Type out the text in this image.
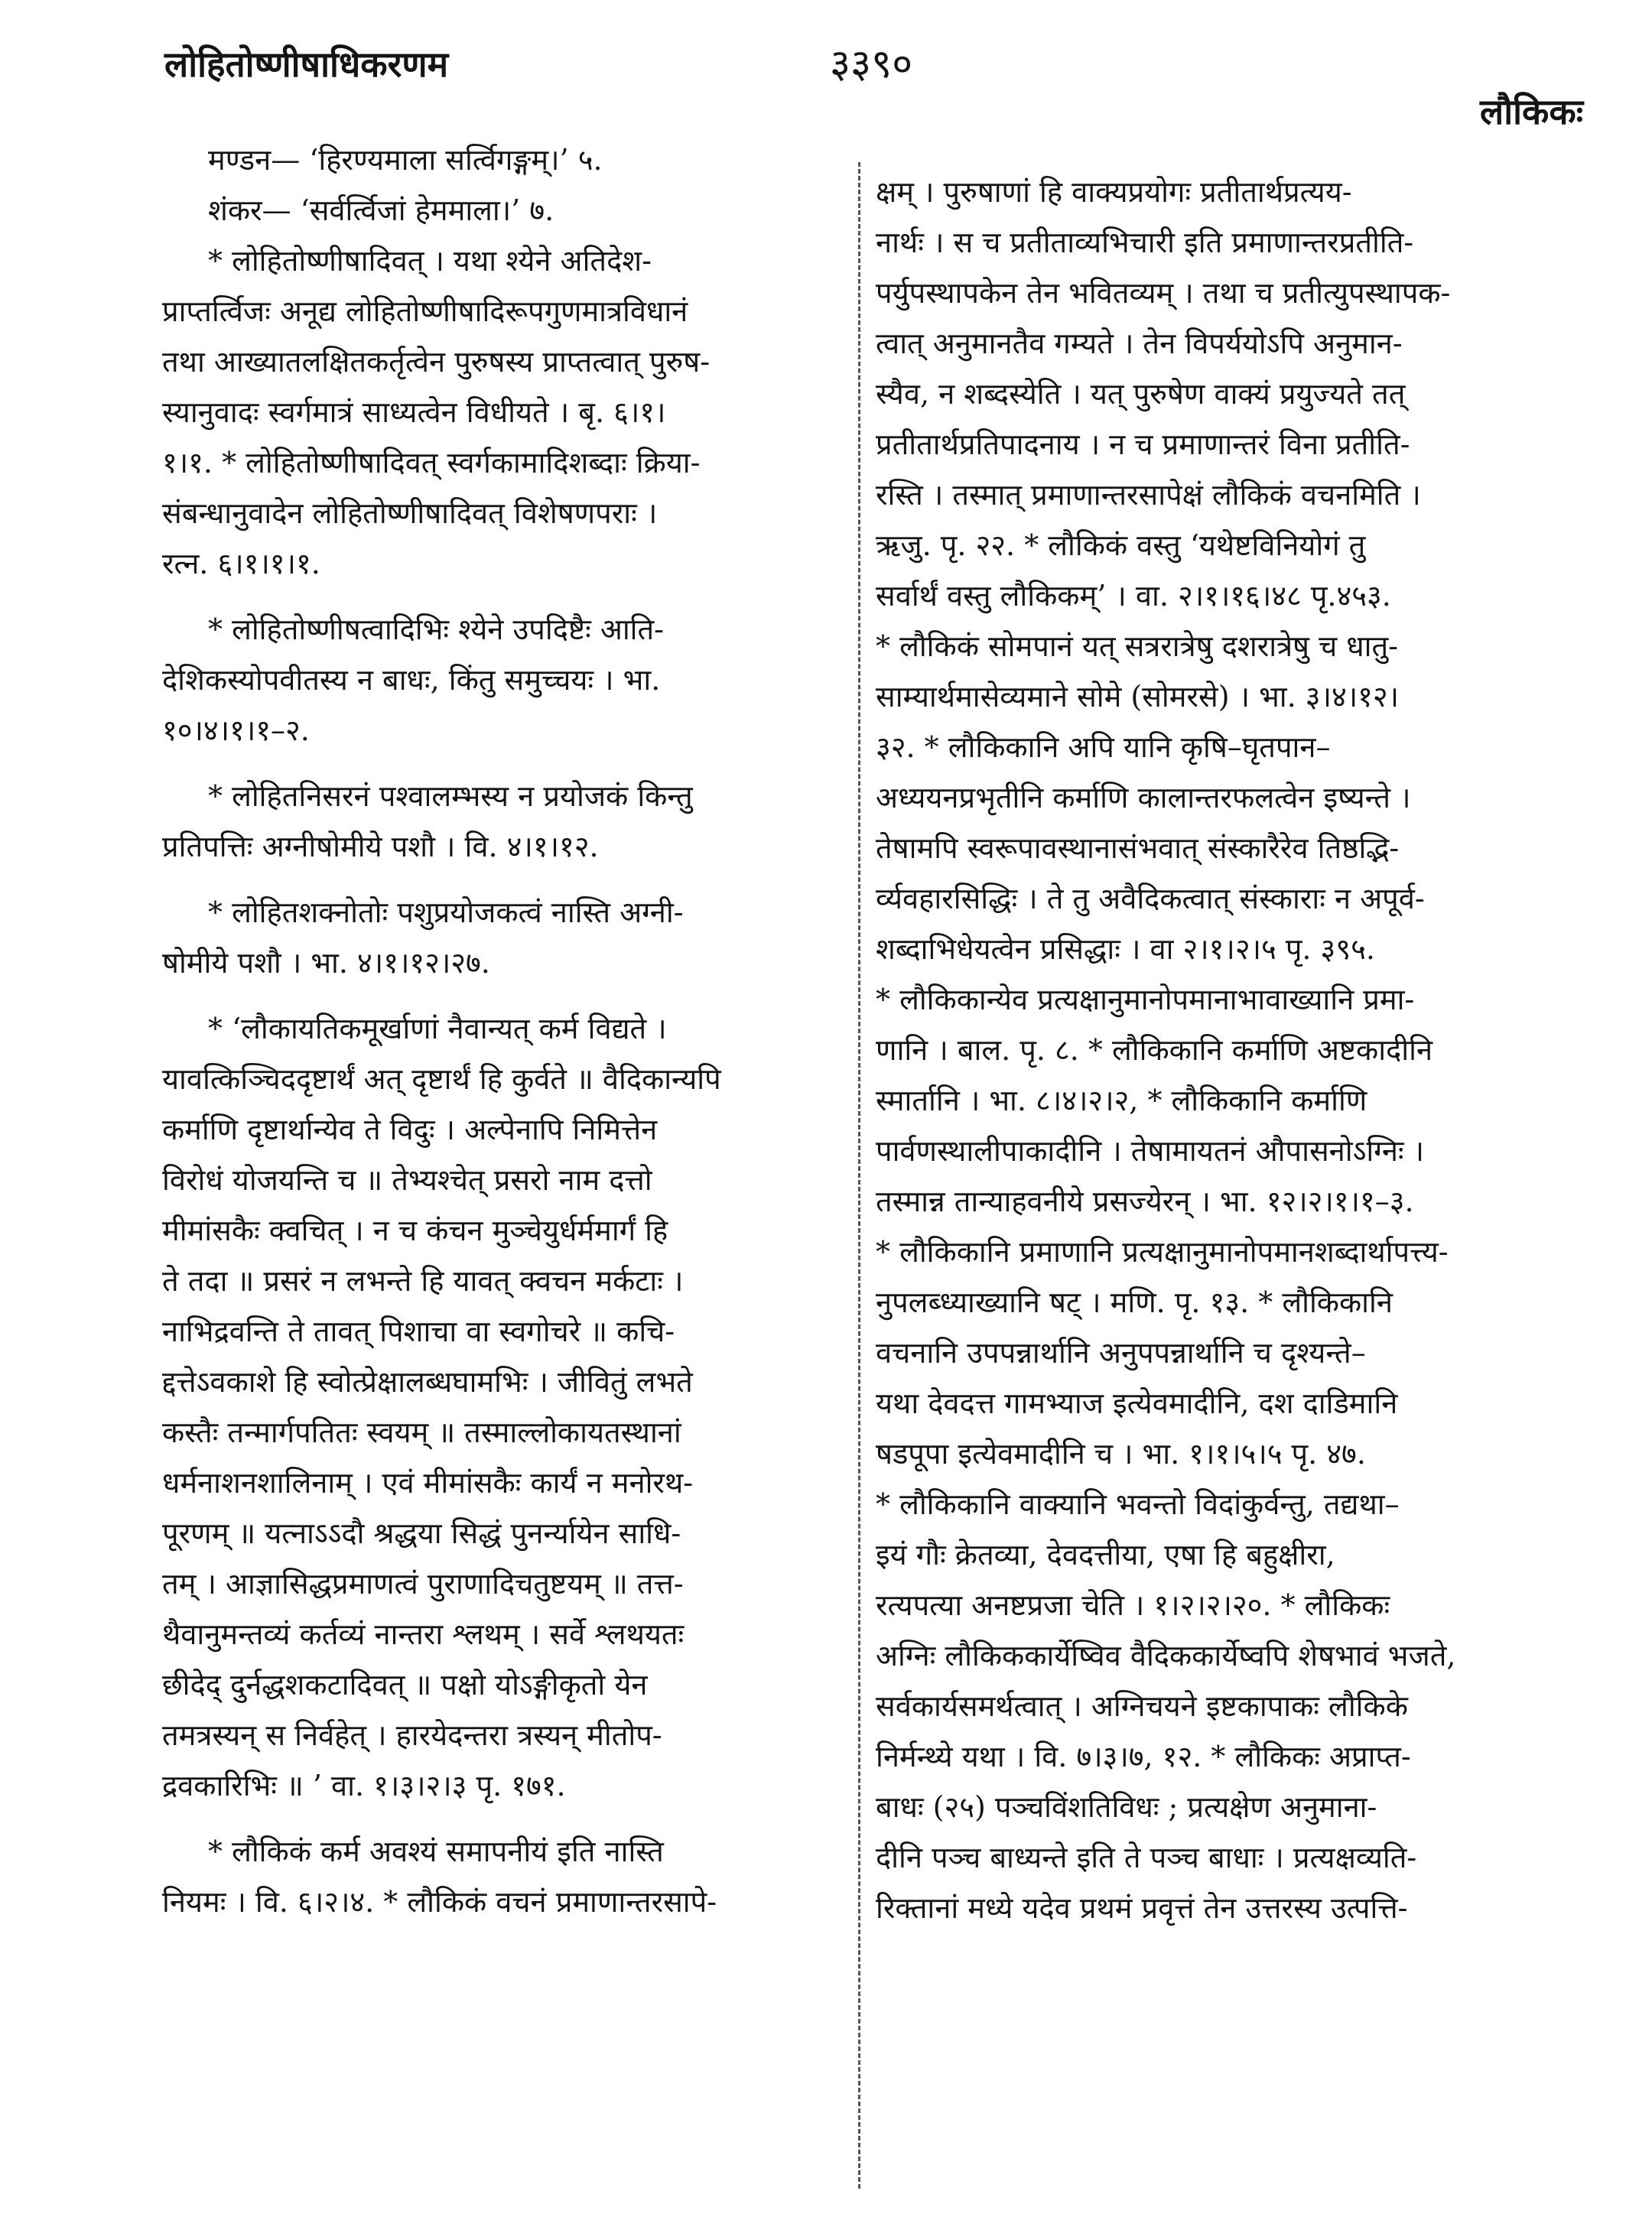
लोहितोष्णीषाधिकरणम	३३९०
लौकिकः
मण्डन— ‘हिरण्यमाला सर्त्विगङ्गम्।’ ५.
शंकर— ‘सर्वर्त्विजां हेममाला।’ ७.
* लोहितोष्णीषादिवत् । यथा श्येने अतिदेश-
प्राप्तर्त्विजः अनूद्य लोहितोष्णीषादिरूपगुणमात्रविधानं
तथा आख्यातलक्षितकर्तृत्वेन पुरुषस्य प्राप्तत्वात् पुरुष-
स्यानुवादः स्वर्गमात्रं साध्यत्वेन विधीयते । बृ. ६।१।
१।१. * लोहितोष्णीषादिवत् स्वर्गकामादिशब्दाः क्रिया-
संबन्धानुवादेन लोहितोष्णीषादिवत् विशेषणपराः ।
रत्न. ६।१।१।१.
* लोहितोष्णीषत्वादिभिः श्येने उपदिष्टैः आति-
देशिकस्योपवीतस्य न बाधः, किंतु समुच्चयः । भा.
१०।४।१।१–२.
* लोहितनिसरनं पश्वालम्भस्य न प्रयोजकं किन्तु
प्रतिपत्तिः अग्नीषोमीये पशौ । वि. ४।१।१२.
* लोहितशक्नोतोः पशुप्रयोजकत्वं नास्ति अग्नी-
षोमीये पशौ । भा. ४।१।१२।२७.
* ‘लौकायतिकमूर्खाणां नैवान्यत् कर्म विद्यते ।
यावत्किञ्चिददृष्टार्थं अत् दृष्टार्थं हि कुर्वते ॥ वैदिकान्यपि
कर्माणि दृष्टार्थान्येव ते विदुः । अल्पेनापि निमित्तेन
विरोधं योजयन्ति च ॥ तेभ्यश्चेत् प्रसरो नाम दत्तो
मीमांसकैः क्वचित् । न च कंचन मुञ्चेयुर्धर्ममार्गं हि
ते तदा ॥ प्रसरं न लभन्ते हि यावत् क्वचन मर्कटाः ।
नाभिद्रवन्ति ते तावत् पिशाचा वा स्वगोचरे ॥ कचि-
द्दत्तेऽवकाशे हि स्वोत्प्रेक्षालब्धघामभिः । जीवितुं लभते
कस्तैः तन्मार्गपतितः स्वयम् ॥ तस्माल्लोकायतस्थानां
धर्मनाशनशालिनाम् । एवं मीमांसकैः कार्यं न मनोरथ-
पूरणम् ॥ यत्नाऽऽदौ श्रद्धया सिद्धं पुनर्न्यायेन साधि-
तम् । आज्ञासिद्धप्रमाणत्वं पुराणादिचतुष्टयम् ॥ तत्त-
थैवानुमन्तव्यं कर्तव्यं नान्तरा श्लथम् । सर्वे श्लथयतः
छीदेद् दुर्नद्धशकटादिवत् ॥ पक्षो योऽङ्गीकृतो येन
तमत्रस्यन् स निर्वहेत् । हारयेदन्तरा त्रस्यन् मीतोप-
द्रवकारिभिः ॥ ’ वा. १।३।२।३ पृ. १७१.
* लौकिकं कर्म अवश्यं समापनीयं इति नास्ति
नियमः । वि. ६।२।४. * लौकिकं वचनं प्रमाणान्तरसापे-
क्षम् । पुरुषाणां हि वाक्यप्रयोगः प्रतीतार्थप्रत्यय-
नार्थः । स च प्रतीताव्यभिचारी इति प्रमाणान्तरप्रतीति-
पर्युपस्थापकेन तेन भवितव्यम् । तथा च प्रतीत्युपस्थापक-
त्वात् अनुमानतैव गम्यते । तेन विपर्ययोऽपि अनुमान-
स्यैव, न शब्दस्येति । यत् पुरुषेण वाक्यं प्रयुज्यते तत्
प्रतीतार्थप्रतिपादनाय । न च प्रमाणान्तरं विना प्रतीति-
रस्ति । तस्मात् प्रमाणान्तरसापेक्षं लौकिकं वचनमिति ।
ऋजु. पृ. २२. * लौकिकं वस्तु ‘यथेष्टविनियोगं तु
सर्वार्थं वस्तु लौकिकम्’ । वा. २।१।१६।४८ पृ.४५३.
* लौकिकं सोमपानं यत् सत्ररात्रेषु दशरात्रेषु च धातु-
साम्यार्थमासेव्यमाने सोमे (सोमरसे) । भा. ३।४।१२।
३२. * लौकिकानि अपि यानि कृषि–घृतपान–
अध्ययनप्रभृतीनि कर्माणि कालान्तरफलत्वेन इष्यन्ते ।
तेषामपि स्वरूपावस्थानासंभवात् संस्कारैरेव तिष्ठद्भि-
र्व्यवहारसिद्धिः । ते तु अवैदिकत्वात् संस्काराः न अपूर्व-
शब्दाभिधेयत्वेन प्रसिद्धाः । वा २।१।२।५ पृ. ३९५.
* लौकिकान्येव प्रत्यक्षानुमानोपमानाभावाख्यानि प्रमा-
णानि । बाल. पृ. ८. * लौकिकानि कर्माणि अष्टकादीनि
स्मार्तानि । भा. ८।४।२।२, * लौकिकानि कर्माणि
पार्वणस्थालीपाकादीनि । तेषामायतनं औपासनोऽग्निः ।
तस्मान्न तान्याहवनीये प्रसज्येरन् । भा. १२।२।१।१–३.
* लौकिकानि प्रमाणानि प्रत्यक्षानुमानोपमानशब्दार्थापत्त्य-
नुपलब्ध्याख्यानि षट् । मणि. पृ. १३. * लौकिकानि
वचनानि उपपन्नार्थानि अनुपपन्नार्थानि च दृश्यन्ते–
यथा देवदत्त गामभ्याज इत्येवमादीनि, दश दाडिमानि
षडपूपा इत्येवमादीनि च । भा. १।१।५।५ पृ. ४७.
* लौकिकानि वाक्यानि भवन्तो विदांकुर्वन्तु, तद्यथा–
इयं गौः क्रेतव्या, देवदत्तीया, एषा हि बहुक्षीरा,
रत्यपत्या अनष्टप्रजा चेति । १।२।२।२०. * लौकिकः
अग्निः लौकिककार्येष्विव वैदिककार्येष्वपि शेषभावं भजते,
सर्वकार्यसमर्थत्वात् । अग्निचयने इष्टकापाकः लौकिके
निर्मन्थ्ये यथा । वि. ७।३।७, १२. * लौकिकः अप्राप्त-
बाधः (२५) पञ्चविंशतिविधः ; प्रत्यक्षेण अनुमाना-
दीनि पञ्च बाध्यन्ते इति ते पञ्च बाधाः । प्रत्यक्षव्यति-
रिक्तानां मध्ये यदेव प्रथमं प्रवृत्तं तेन उत्तरस्य उत्पत्ति-
